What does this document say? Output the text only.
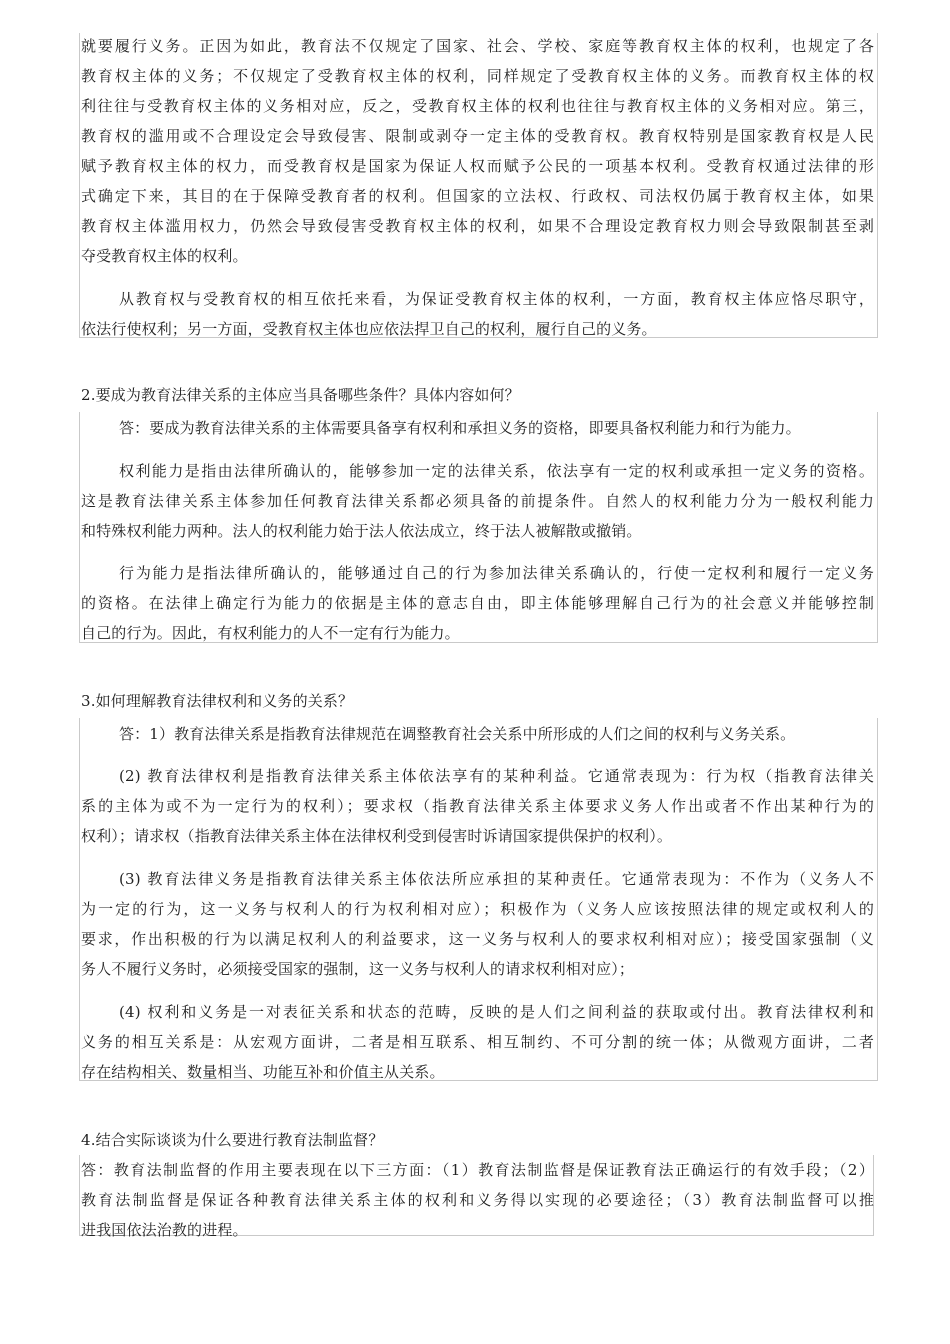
就要履行义务。正因为如此，教育法不仅规定了国家、社会、学校、家庭等教育权主体的权利，也规定了各
教育权主体的义务；不仅规定了受教育权主体的权利，同样规定了受教育权主体的义务。而教育权主体的权
利往往与受教育权主体的义务相对应，反之，受教育权主体的权利也往往与教育权主体的义务相对应。第三，
教育权的滥用或不合理设定会导致侵害、限制或剥夺一定主体的受教育权。教育权特别是国家教育权是人民
赋予教育权主体的权力，而受教育权是国家为保证人权而赋予公民的一项基本权利。受教育权通过法律的形
式确定下来，其目的在于保障受教育者的权利。但国家的立法权、行政权、司法权仍属于教育权主体，如果
教育权主体滥用权力，仍然会导致侵害受教育权主体的权利，如果不合理设定教育权力则会导致限制甚至剥
夺受教育权主体的权利。
从教育权与受教育权的相互依托来看，为保证受教育权主体的权利，一方面，教育权主体应恪尽职守，
依法行使权利；另一方面，受教育权主体也应依法捍卫自己的权利，履行自己的义务。
2.要成为教育法律关系的主体应当具备哪些条件？具体内容如何？
答：要成为教育法律关系的主体需要具备享有权利和承担义务的资格，即要具备权利能力和行为能力。
权利能力是指由法律所确认的，能够参加一定的法律关系，依法享有一定的权利或承担一定义务的资格。
这是教育法律关系主体参加任何教育法律关系都必须具备的前提条件。自然人的权利能力分为一般权利能力
和特殊权利能力两种。法人的权利能力始于法人依法成立，终于法人被解散或撤销。
行为能力是指法律所确认的，能够通过自己的行为参加法律关系确认的，行使一定权利和履行一定义务
的资格。在法律上确定行为能力的依据是主体的意志自由，即主体能够理解自己行为的社会意义并能够控制
自己的行为。因此，有权利能力的人不一定有行为能力。
3.如何理解教育法律权利和义务的关系？
答：1）教育法律关系是指教育法律规范在调整教育社会关系中所形成的人们之间的权利与义务关系。
(2) 教育法律权利是指教育法律关系主体依法享有的某种利益。它通常表现为：行为权（指教育法律关
系的主体为或不为一定行为的权利）；要求权（指教育法律关系主体要求义务人作出或者不作出某种行为的
权利）；请求权（指教育法律关系主体在法律权利受到侵害时诉请国家提供保护的权利）。
(3) 教育法律义务是指教育法律关系主体依法所应承担的某种责任。它通常表现为：不作为（义务人不
为一定的行为，这一义务与权利人的行为权利相对应）；积极作为（义务人应该按照法律的规定或权利人的
要求，作出积极的行为以满足权利人的利益要求，这一义务与权利人的要求权利相对应）；接受国家强制（义
务人不履行义务时，必须接受国家的强制，这一义务与权利人的请求权利相对应）；
(4) 权利和义务是一对表征关系和状态的范畴，反映的是人们之间利益的获取或付出。教育法律权利和
义务的相互关系是：从宏观方面讲，二者是相互联系、相互制约、不可分割的统一体；从微观方面讲，二者
存在结构相关、数量相当、功能互补和价值主从关系。
4.结合实际谈谈为什么要进行教育法制监督？
答：教育法制监督的作用主要表现在以下三方面：（1）教育法制监督是保证教育法正确运行的有效手段；（2）
教育法制监督是保证各种教育法律关系主体的权利和义务得以实现的必要途径；（3）教育法制监督可以推
进我国依法治教的进程。
